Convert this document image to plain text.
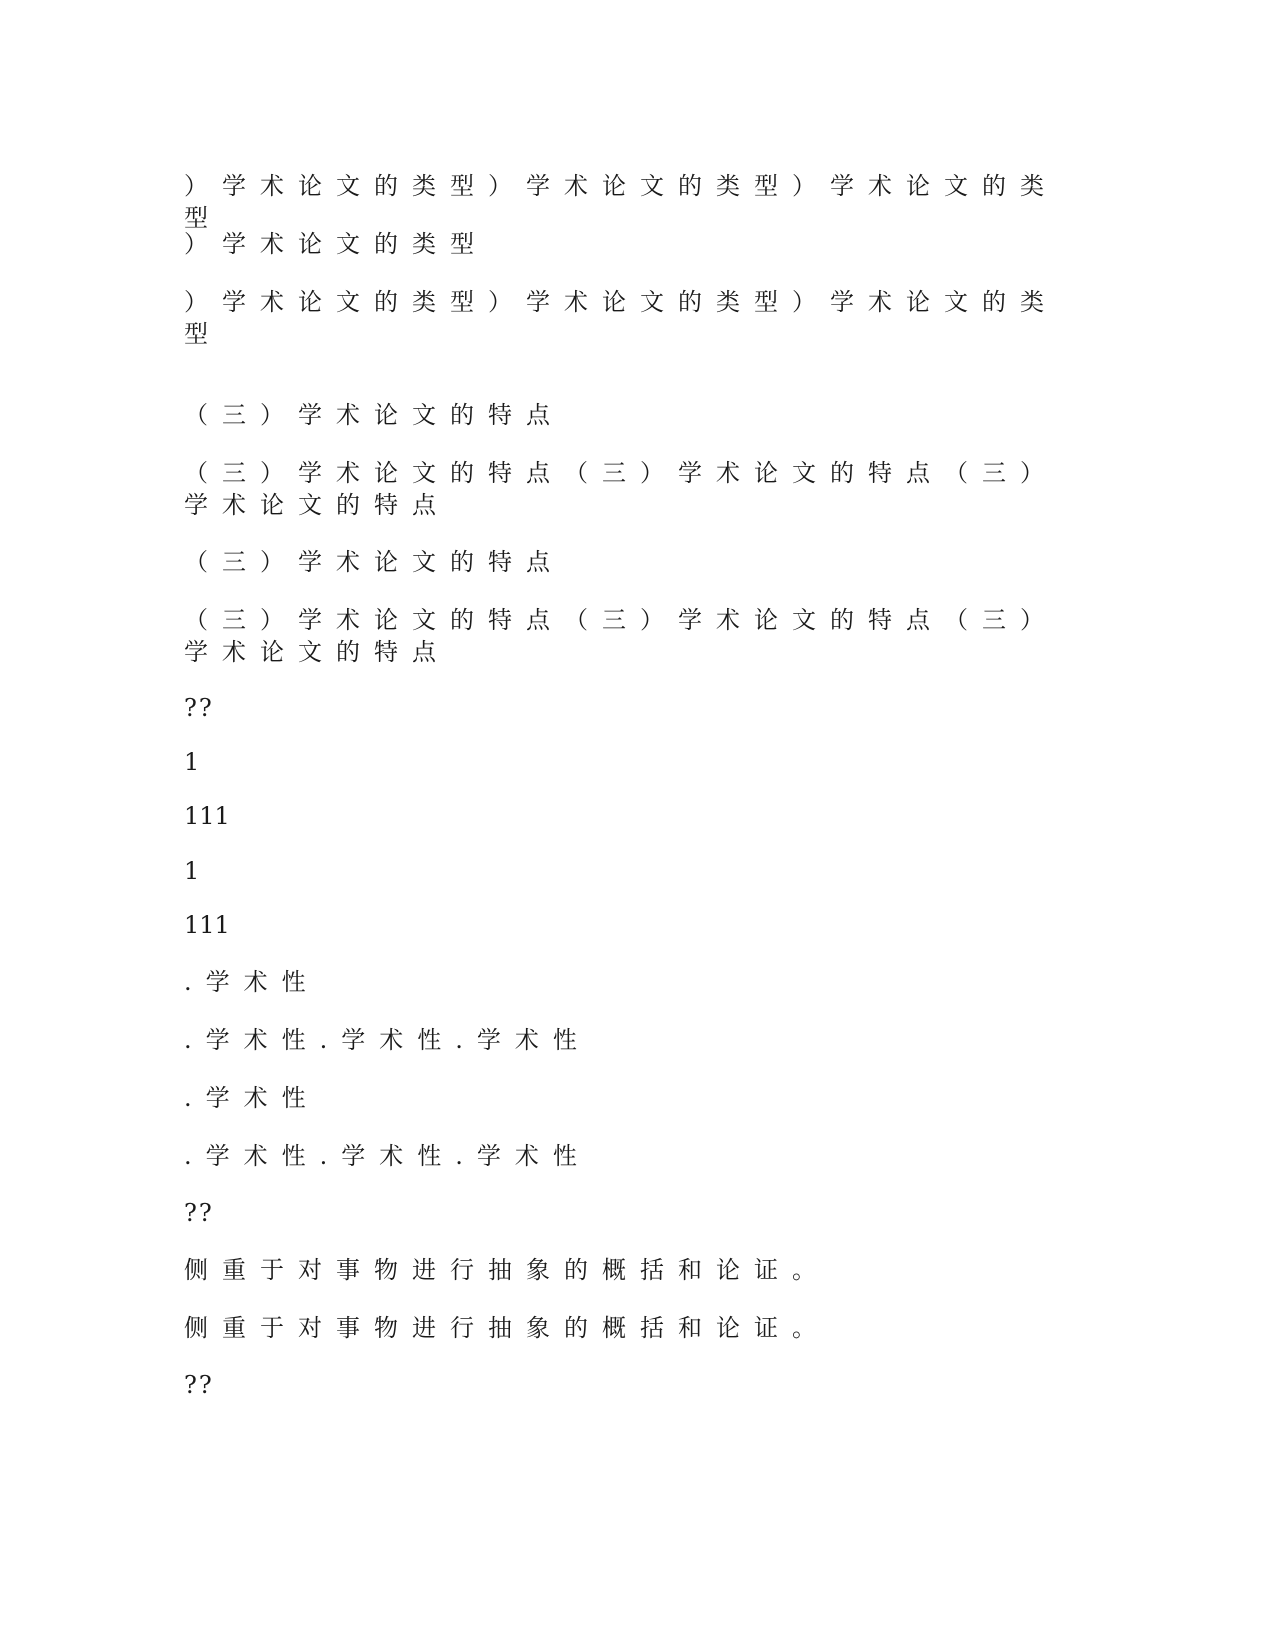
）学术论文的类型）学术论文的类型）学术论文的类型
）学术论文的类型
）学术论文的类型）学术论文的类型）学术论文的类型
（三）学术论文的特点
（三）学术论文的特点（三）学术论文的特点（三）学术论文的特点
（三）学术论文的特点
（三）学术论文的特点（三）学术论文的特点（三）学术论文的特点
??
1
111
1
111
.学术性
.学术性.学术性.学术性
.学术性
.学术性.学术性.学术性
??
侧重于对事物进行抽象的概括和论证。
侧重于对事物进行抽象的概括和论证。
??
